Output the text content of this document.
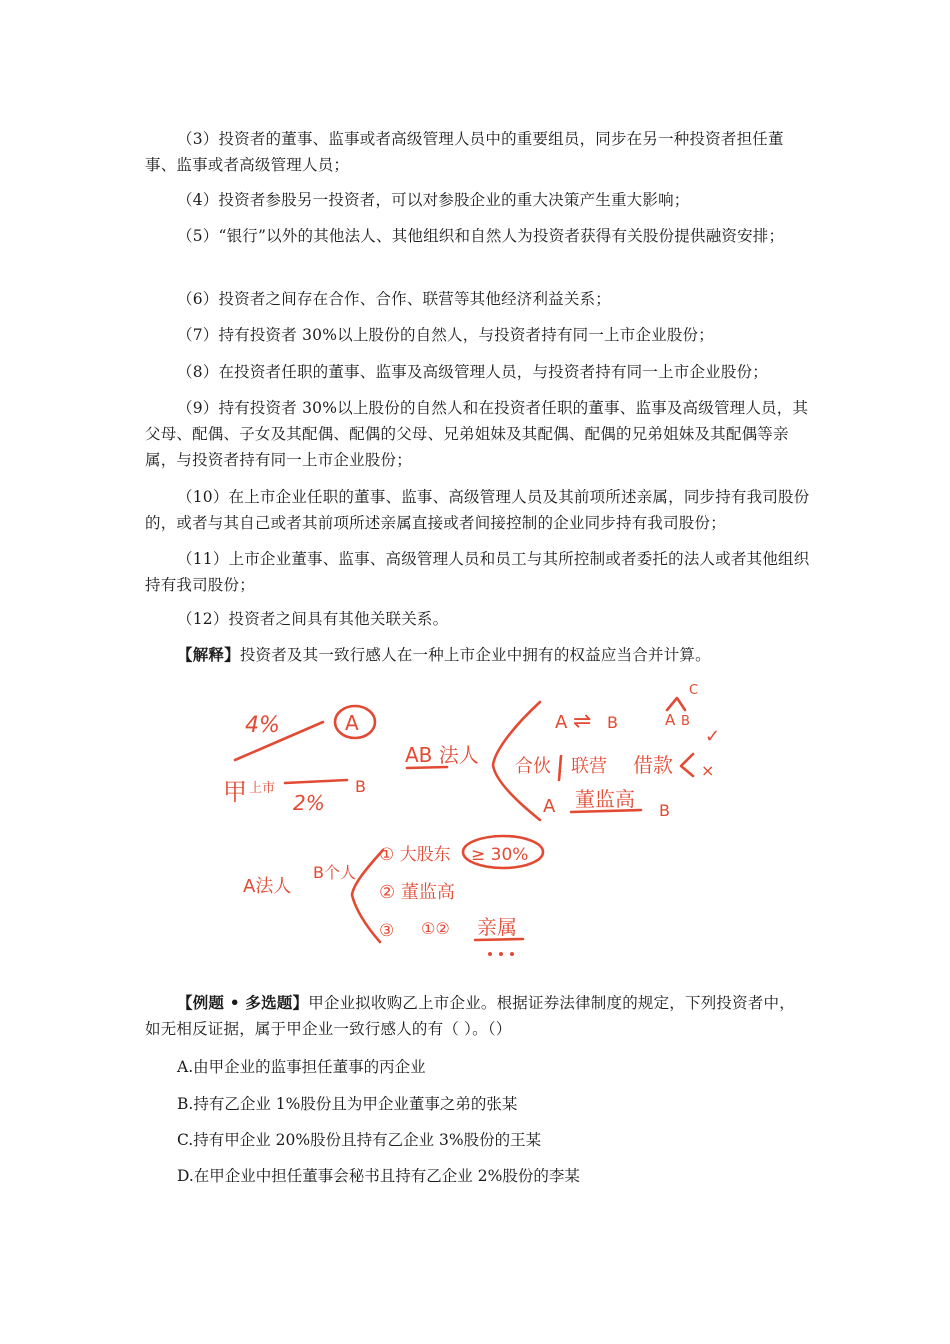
（3）投资者的董事、监事或者高级管理人员中的重要组员，同步在另一种投资者担任董事、监事或者高级管理人员；

（4）投资者参股另一投资者，可以对参股企业的重大决策产生重大影响；

（5）“银行”以外的其他法人、其他组织和自然人为投资者获得有关股份提供融资安排；

（6）投资者之间存在合作、合作、联营等其他经济利益关系；

（7）持有投资者 30%以上股份的自然人，与投资者持有同一上市企业股份；

（8）在投资者任职的董事、监事及高级管理人员，与投资者持有同一上市企业股份；

（9）持有投资者 30%以上股份的自然人和在投资者任职的董事、监事及高级管理人员，其父母、配偶、子女及其配偶、配偶的父母、兄弟姐妹及其配偶、配偶的兄弟姐妹及其配偶等亲属，与投资者持有同一上市企业股份；

（10）在上市企业任职的董事、监事、高级管理人员及其前项所述亲属，同步持有我司股份的，或者与其自己或者其前项所述亲属直接或者间接控制的企业同步持有我司股份；

（11）上市企业董事、监事、高级管理人员和员工与其所控制或者委托的法人或者其他组织持有我司股份；

（12）投资者之间具有其他关联关系。

【解释】投资者及其一致行感人在一种上市企业中拥有的权益应当合并计算。

4%	A
甲 上市
2%
B
AB 法人
A ⇌ B	A B
C
✓
合伙 联营 借款 ×
A 董监高 B
A法人
B个人
① 大股东 ≥ 30%
② 董监高
③ ①② 亲属

【例题 • 多选题】甲企业拟收购乙上市企业。根据证券法律制度的规定，下列投资者中，如无相反证据，属于甲企业一致行感人的有（ ）。（）

A.由甲企业的监事担任董事的丙企业

B.持有乙企业 1%股份且为甲企业董事之弟的张某

C.持有甲企业 20%股份且持有乙企业 3%股份的王某

D.在甲企业中担任董事会秘书且持有乙企业 2%股份的李某
